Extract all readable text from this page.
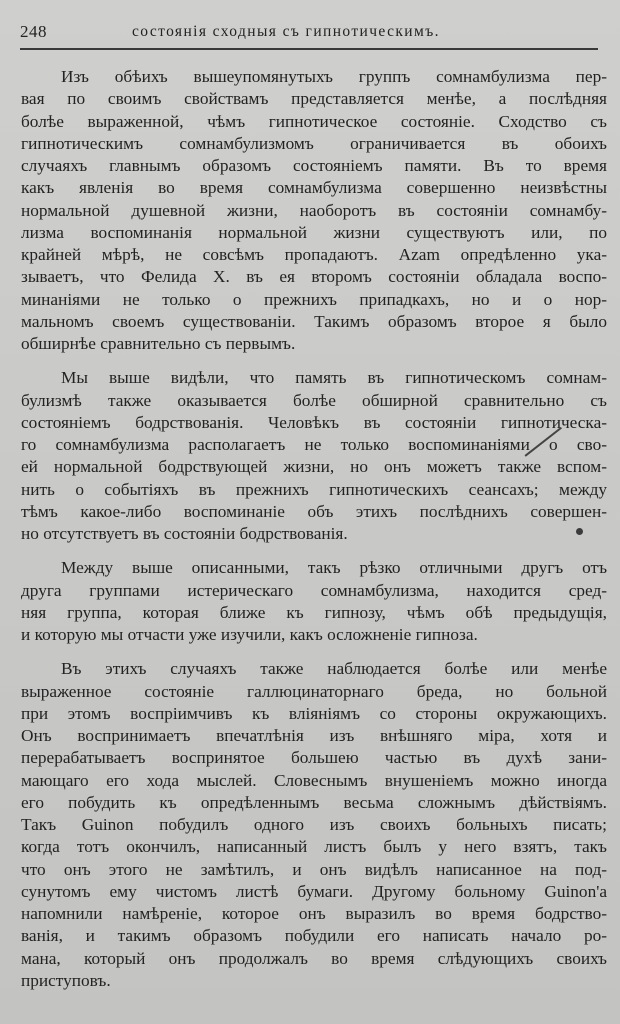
248	состоянія сходныя съ гипнотическимъ.
Изъ обѣихъ вышеупомянутыхъ группъ сомнамбулизма пер-
вая по своимъ свойствамъ представляется менѣе, а послѣдняя
болѣе выраженной, чѣмъ гипнотическое состояніе. Сходство съ
гипнотическимъ сомнамбулизмомъ ограничивается въ обоихъ
случаяхъ главнымъ образомъ состояніемъ памяти. Въ то время
какъ явленія во время сомнамбулизма совершенно неизвѣстны
нормальной душевной жизни, наоборотъ въ состояніи сомнамбу-
лизма воспоминанія нормальной жизни существуютъ или, по
крайней мѣрѣ, не совсѣмъ пропадаютъ. Azam опредѣленно ука-
зываетъ, что Фелида X. въ ея второмъ состояніи обладала воспо-
минаніями не только о прежнихъ припадкахъ, но и о нор-
мальномъ своемъ существованіи. Такимъ образомъ второе я было
обширнѣе сравнительно съ первымъ.
Мы выше видѣли, что память въ гипнотическомъ сомнам-
булизмѣ также оказывается болѣе обширной сравнительно съ
состояніемъ бодрствованія. Человѣкъ въ состояніи гипнотическа-
го сомнамбулизма располагаетъ не только воспоминаніями о сво-
ей нормальной бодрствующей жизни, но онъ можетъ также вспом-
нить о событіяхъ въ прежнихъ гипнотическихъ сеансахъ; между
тѣмъ какое-либо воспоминаніе объ этихъ послѣднихъ совершен-
но отсутствуетъ въ состояніи бодрствованія.
Между выше описанными, такъ рѣзко отличными другъ отъ
друга группами истерическаго сомнамбулизма, находится сред-
няя группа, которая ближе къ гипнозу, чѣмъ обѣ предыдущія,
и которую мы отчасти уже изучили, какъ осложненіе гипноза.
Въ этихъ случаяхъ также наблюдается болѣе или менѣе
выраженное состояніе галлюцинаторнаго бреда, но больной
при этомъ воспріимчивъ къ вліяніямъ со стороны окружающихъ.
Онъ воспринимаетъ впечатлѣнія изъ внѣшняго міра, хотя и
перерабатываетъ воспринятое большею частью въ духѣ зани-
мающаго его хода мыслей. Словеснымъ внушеніемъ можно иногда
его побудить къ опредѣленнымъ весьма сложнымъ дѣйствіямъ.
Такъ Guinon побудилъ одного изъ своихъ больныхъ писать;
когда тотъ окончилъ, написанный листъ былъ у него взятъ, такъ
что онъ этого не замѣтилъ, и онъ видѣлъ написанное на под-
сунутомъ ему чистомъ листѣ бумаги. Другому больному Guinon'а
напомнили намѣреніе, которое онъ выразилъ во время бодрство-
ванія, и такимъ образомъ побудили его написать начало ро-
мана, который онъ продолжалъ во время слѣдующихъ своихъ
приступовъ.
